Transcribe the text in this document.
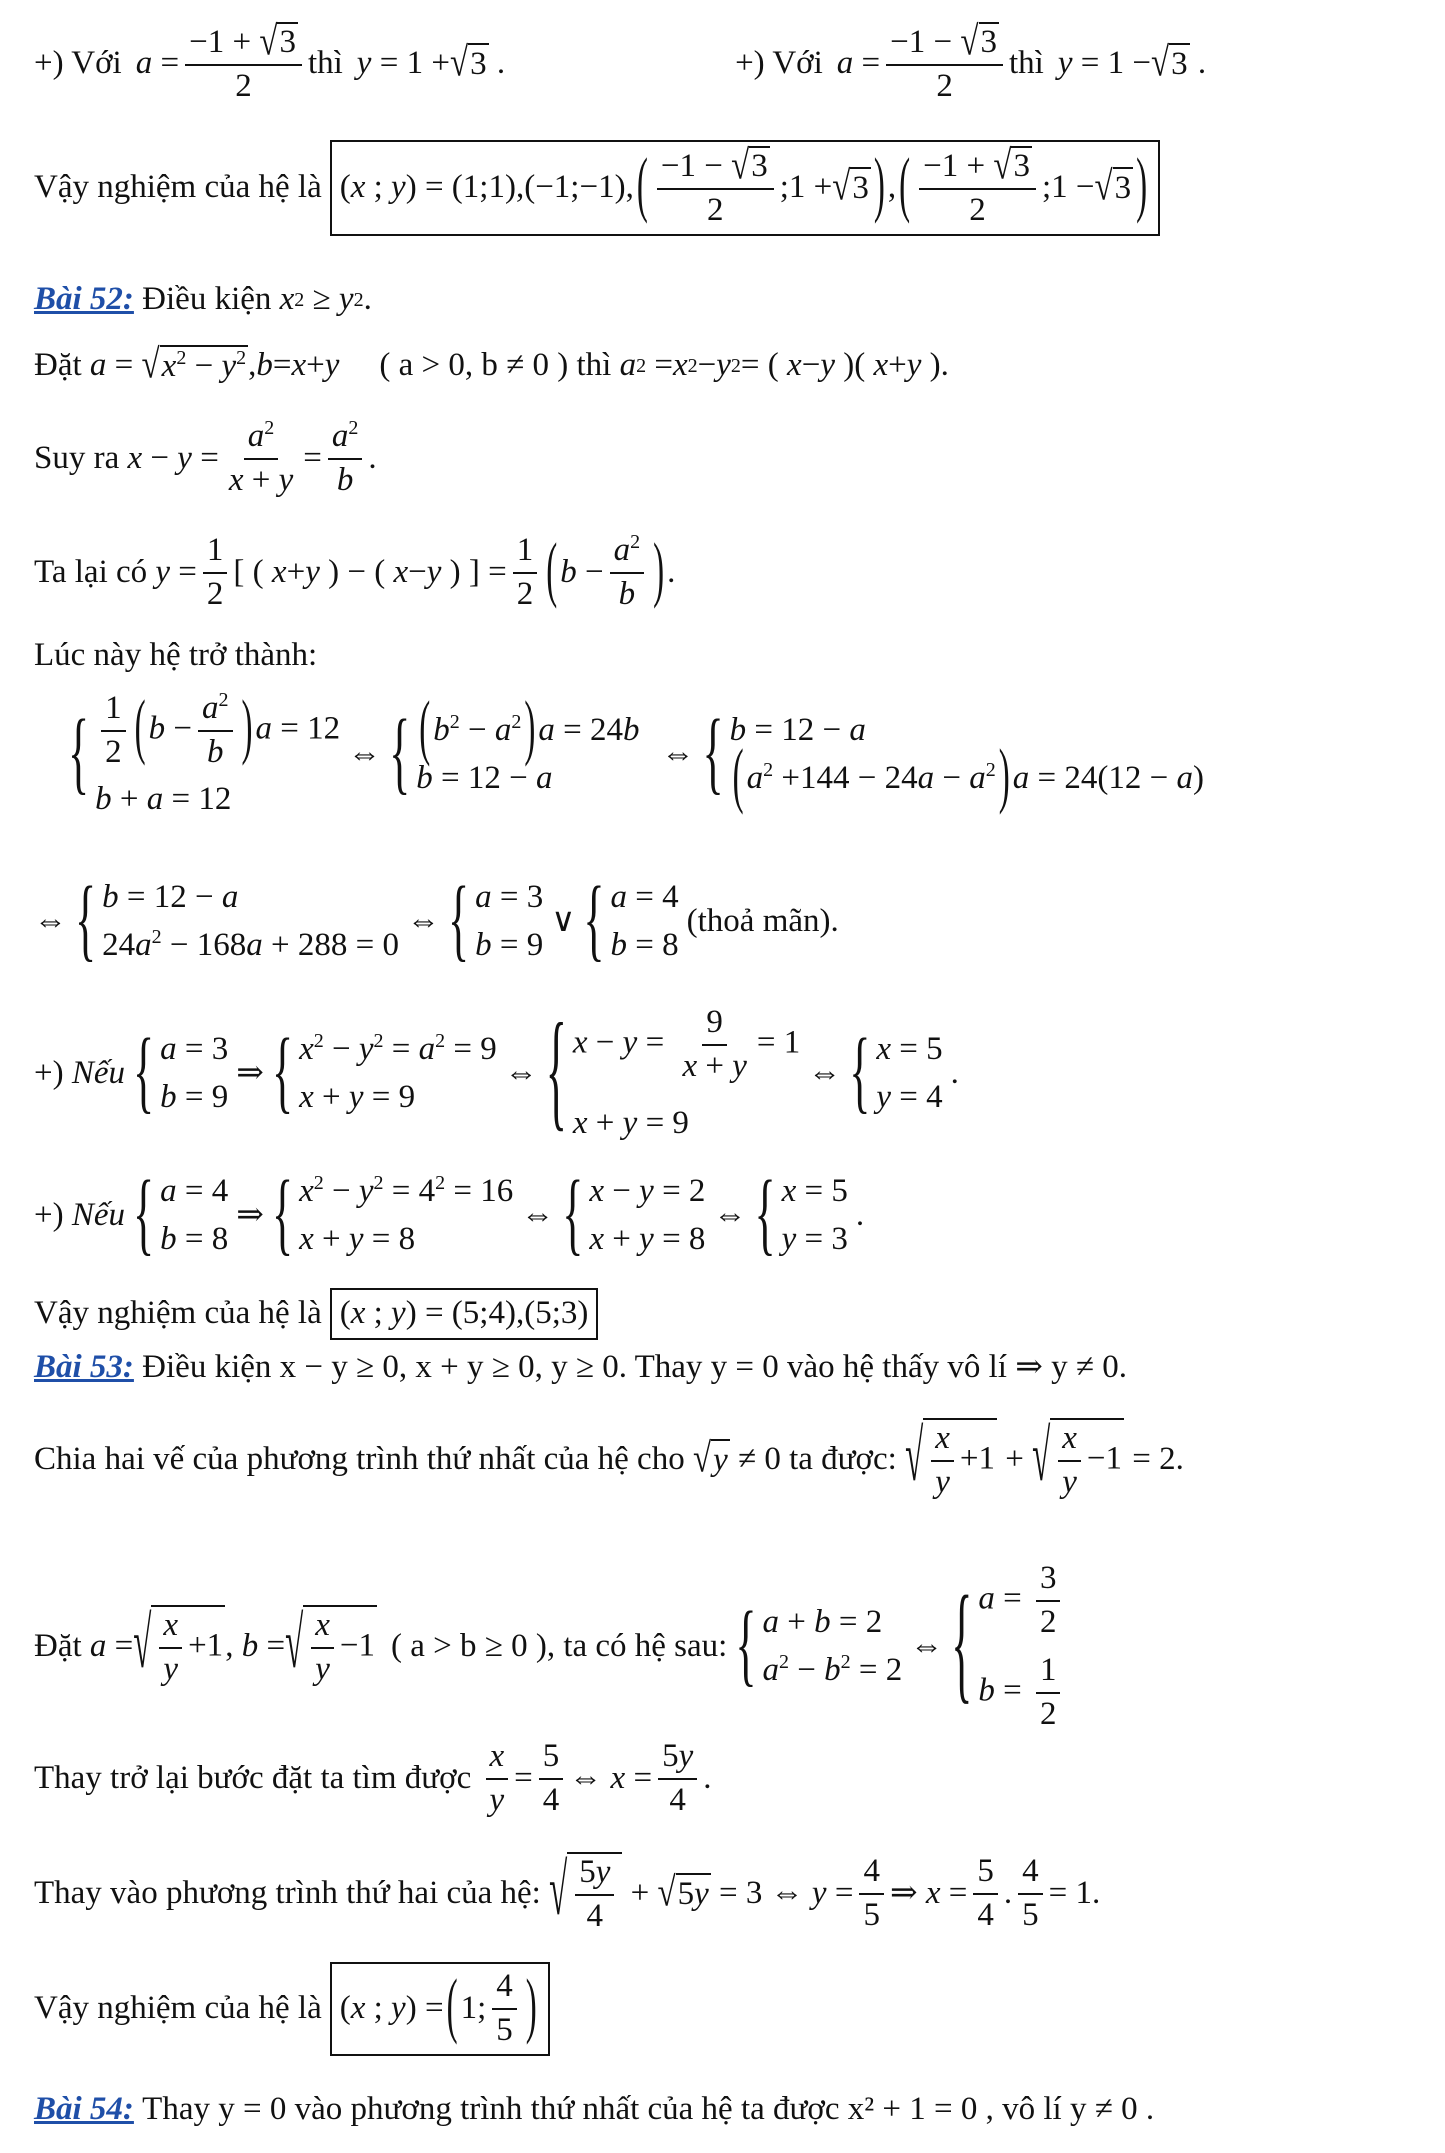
+) Với $a = \frac{-1 + √3}{2}$ thì y = 1 + √ 3 .	+) Với $a = \frac{-1 - √3}{2}$ thì y = 1 − √ 3 .
Vậy nghiệm của hệ là ( x ; y ) = (1;1),(−1;−1), ( $\frac{-1 - √3}{2}$ ;1 + √ 3 ) , ( $\frac{-1 + √3}{2}$ ;1 − √ 3 )
Bài 52:
Điều kiện
x 2 ≥ y 2 .
Đặt
a = √ $x^2 - y^2$ , b = x + y ( a > 0, b ≠ 0 )
thì
a 2 = x 2 − y 2 = ( x − y )( x + y ).
Suy ra
$x - y = \frac{a^2}{x + y} = \frac{a^2}{b}$ .
Ta lại có
$y = \frac{1}{2}$ [ ( x + y ) − ( x − y ) ] = $\frac{1}{2}$ ( $b - \frac{a^2}{b}$ ) .
Lúc này hệ trở thành:
{ $\frac{1}{2} (b - \frac{a^2}{b} )a = 12$
b + a = 12
⇔ { $(b^2 - a^2)a = 24b$
b = 12 − a
⇔ { b = 12 − a
$(a^2 +144 - 24a - a^2)a = 24(12 - a)$
⇔ { b = 12 − a
$24a^2 - 168a + 288 = 0$
⇔ { a = 3
b = 9
∨ { a = 4
b = 8
(thoả mãn).
+)
Nếu { a = 3
b = 9
⇒ { $x^2 - y^2 = a^2 = 9$
x + y = 9
⇔ { $x - y = \frac{9}{x + y} = 1$
x + y = 9
⇔ { x = 5
y = 4
.
+)
Nếu { a = 4
b = 8
⇒ { $x^2 - y^2 = 4^2 = 16$
x + y = 8
⇔ { x − y = 2
x + y = 8
⇔ { x = 5
y = 3
.
Vậy nghiệm của hệ là ( x ; y ) = (5;4),(5;3)
Bài 53:
Điều kiện x − y ≥ 0, x + y ≥ 0, y ≥ 0. Thay y = 0 vào hệ thấy vô lí ⇒ y ≠ 0.
Chia hai vế của phương trình thứ nhất của hệ cho
√ y ≠ 0 ta được:
√ $\frac{x}{y} +1$ + √ $\frac{x}{y} -1 = 2$.
Đặt
a = √ $\frac{x}{y} +1$ , b = √ $\frac{x}{y} -1$ ( a > b ≥ 0 ), ta có hệ sau: { a + b = 2
$a^2 - b^2 = 2$
⇔ { $a = \frac{3}{2}$
$b = \frac{1}{2}$
Thay trở lại bước đặt ta tìm được
$\frac{x}{y} = \frac{5}{4}$ ⇔ $x = \frac{5y}{4}$ .
Thay vào phương trình thứ hai của hệ:
√ $\frac{5y}{4}$ + √ 5y = 3 ⇔ $y = \frac{4}{5}$ ⇒ $x = \frac{5}{4}$ . $\frac{4}{5} = 1$.
Vậy nghiệm của hệ là ( x ; y ) = ( 1; $\frac{4}{5}$ )
Bài 54:
Thay y = 0 vào phương trình thứ nhất của hệ ta được x² + 1 = 0 , vô lí y ≠ 0 .
